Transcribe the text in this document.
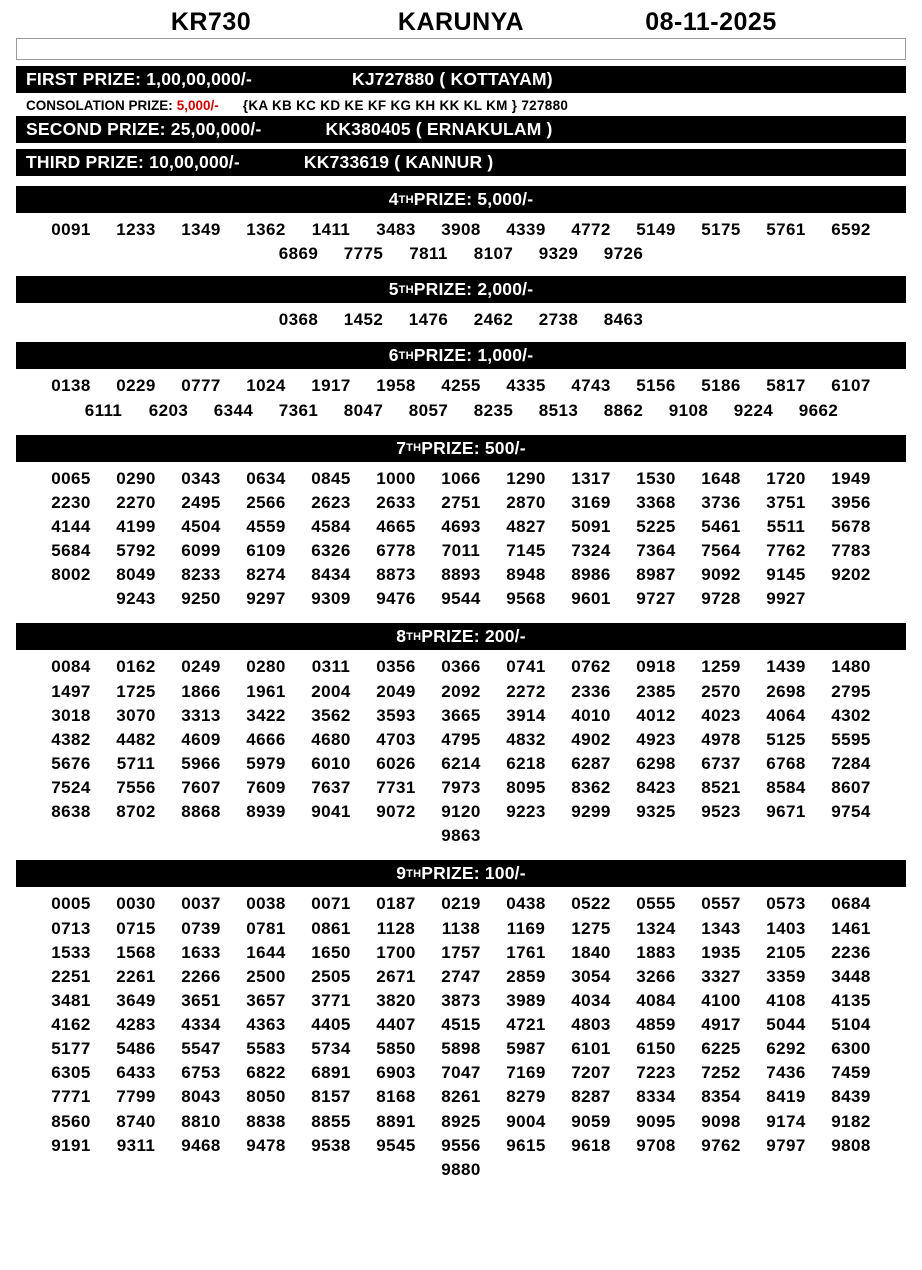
KR730	KARUNYA	08-11-2025
FIRST PRIZE: 1,00,00,000/-	KJ727880 ( KOTTAYAM)
CONSOLATION PRIZE: 5,000/- {KA KB KC KD KE KF KG KH KK KL KM } 727880
SECOND PRIZE: 25,00,000/-	KK380405 ( ERNAKULAM )
THIRD PRIZE: 10,00,000/-	KK733619 ( KANNUR )
4 TH PRIZE: 5,000/-
0091	1233	1349	1362	1411	3483	3908	4339	4772	5149	5175	5761	6592
6869	7775	7811	8107	9329	9726
5 TH PRIZE: 2,000/-
0368	1452	1476	2462	2738	8463
6 TH PRIZE: 1,000/-
0138	0229	0777	1024	1917	1958	4255	4335	4743	5156	5186	5817	6107
6111	6203	6344	7361	8047	8057	8235	8513	8862	9108	9224	9662
7 TH PRIZE: 500/-
0065	0290	0343	0634	0845	1000	1066	1290	1317	1530	1648	1720	1949
2230	2270	2495	2566	2623	2633	2751	2870	3169	3368	3736	3751	3956
4144	4199	4504	4559	4584	4665	4693	4827	5091	5225	5461	5511	5678
5684	5792	6099	6109	6326	6778	7011	7145	7324	7364	7564	7762	7783
8002	8049	8233	8274	8434	8873	8893	8948	8986	8987	9092	9145	9202
9243	9250	9297	9309	9476	9544	9568	9601	9727	9728	9927
8 TH PRIZE: 200/-
0084	0162	0249	0280	0311	0356	0366	0741	0762	0918	1259	1439	1480
1497	1725	1866	1961	2004	2049	2092	2272	2336	2385	2570	2698	2795
3018	3070	3313	3422	3562	3593	3665	3914	4010	4012	4023	4064	4302
4382	4482	4609	4666	4680	4703	4795	4832	4902	4923	4978	5125	5595
5676	5711	5966	5979	6010	6026	6214	6218	6287	6298	6737	6768	7284
7524	7556	7607	7609	7637	7731	7973	8095	8362	8423	8521	8584	8607
8638	8702	8868	8939	9041	9072	9120	9223	9299	9325	9523	9671	9754
9863
9 TH PRIZE: 100/-
0005	0030	0037	0038	0071	0187	0219	0438	0522	0555	0557	0573	0684
0713	0715	0739	0781	0861	1128	1138	1169	1275	1324	1343	1403	1461
1533	1568	1633	1644	1650	1700	1757	1761	1840	1883	1935	2105	2236
2251	2261	2266	2500	2505	2671	2747	2859	3054	3266	3327	3359	3448
3481	3649	3651	3657	3771	3820	3873	3989	4034	4084	4100	4108	4135
4162	4283	4334	4363	4405	4407	4515	4721	4803	4859	4917	5044	5104
5177	5486	5547	5583	5734	5850	5898	5987	6101	6150	6225	6292	6300
6305	6433	6753	6822	6891	6903	7047	7169	7207	7223	7252	7436	7459
7771	7799	8043	8050	8157	8168	8261	8279	8287	8334	8354	8419	8439
8560	8740	8810	8838	8855	8891	8925	9004	9059	9095	9098	9174	9182
9191	9311	9468	9478	9538	9545	9556	9615	9618	9708	9762	9797	9808
9880
